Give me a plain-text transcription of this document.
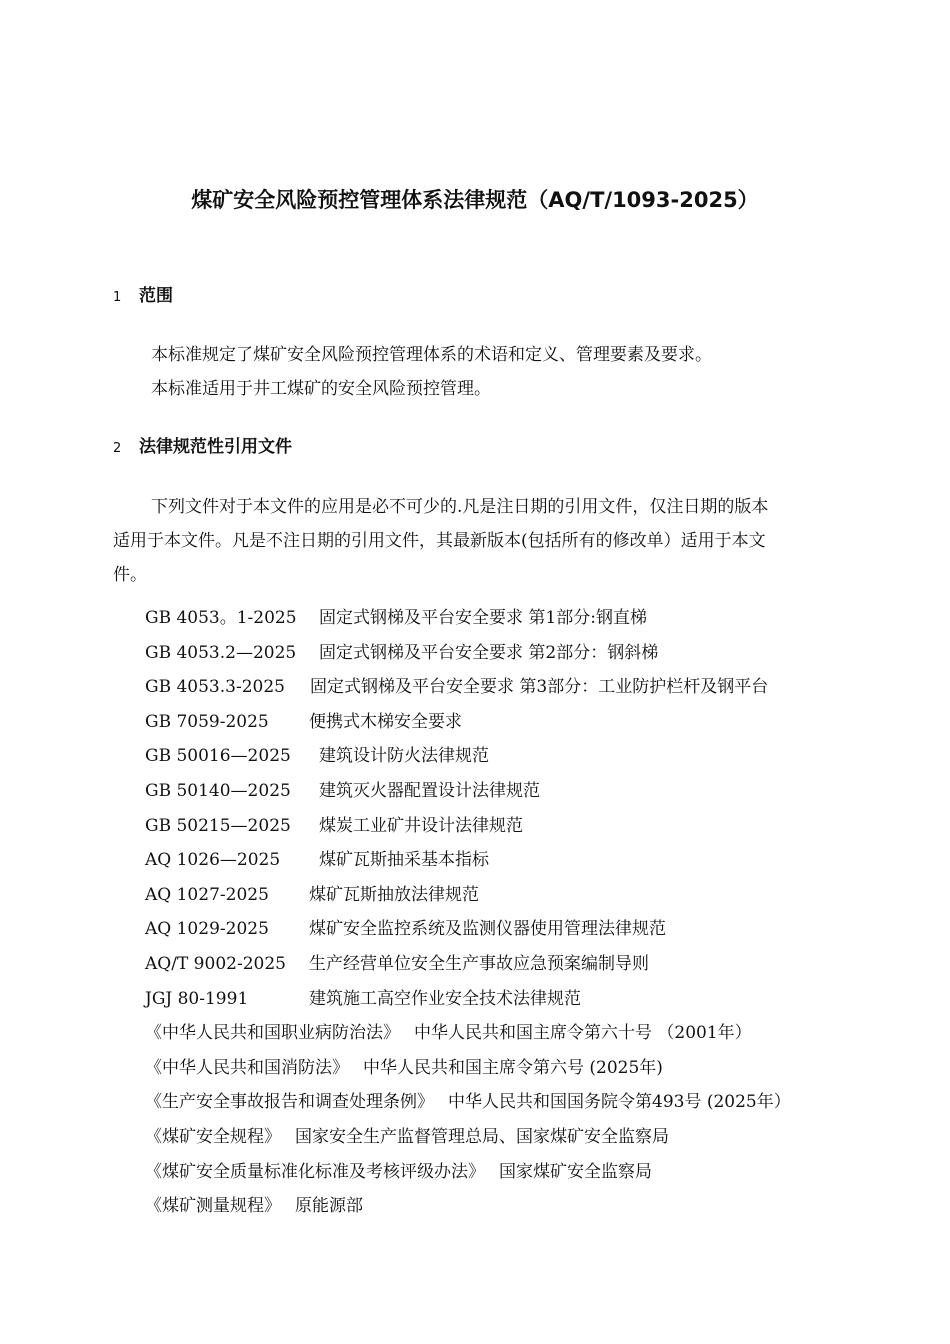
煤矿安全风险预控管理体系法律规范（AQ/T/1093-2025）
1 范围
本标准规定了煤矿安全风险预控管理体系的术语和定义、管理要素及要求。
本标准适用于井工煤矿的安全风险预控管理。
2 法律规范性引用文件
下列文件对于本文件的应用是必不可少的.凡是注日期的引用文件，仅注日期的版本
适用于本文件。凡是不注日期的引用文件，其最新版本(包括所有的修改单）适用于本文
件。
GB 4053。1-2025 固定式钢梯及平台安全要求 第1部分:钢直梯
GB 4053.2—2025 固定式钢梯及平台安全要求 第2部分：钢斜梯
GB 4053.3-2025 固定式钢梯及平台安全要求 第3部分：工业防护栏杆及钢平台
GB 7059-2025 便携式木梯安全要求
GB 50016—2025 建筑设计防火法律规范
GB 50140—2025 建筑灭火器配置设计法律规范
GB 50215—2025 煤炭工业矿井设计法律规范
AQ 1026—2025 煤矿瓦斯抽采基本指标
AQ 1027-2025 煤矿瓦斯抽放法律规范
AQ 1029-2025 煤矿安全监控系统及监测仪器使用管理法律规范
AQ/T 9002-2025 生产经营单位安全生产事故应急预案编制导则
JGJ 80-1991	建筑施工高空作业安全技术法律规范
《中华人民共和国职业病防治法》 中华人民共和国主席令第六十号 （2001年）
《中华人民共和国消防法》 中华人民共和国主席令第六号 (2025年)
《生产安全事故报告和调查处理条例》 中华人民共和国国务院令第493号 (2025年）
《煤矿安全规程》 国家安全生产监督管理总局、国家煤矿安全监察局
《煤矿安全质量标准化标准及考核评级办法》 国家煤矿安全监察局
《煤矿测量规程》 原能源部
